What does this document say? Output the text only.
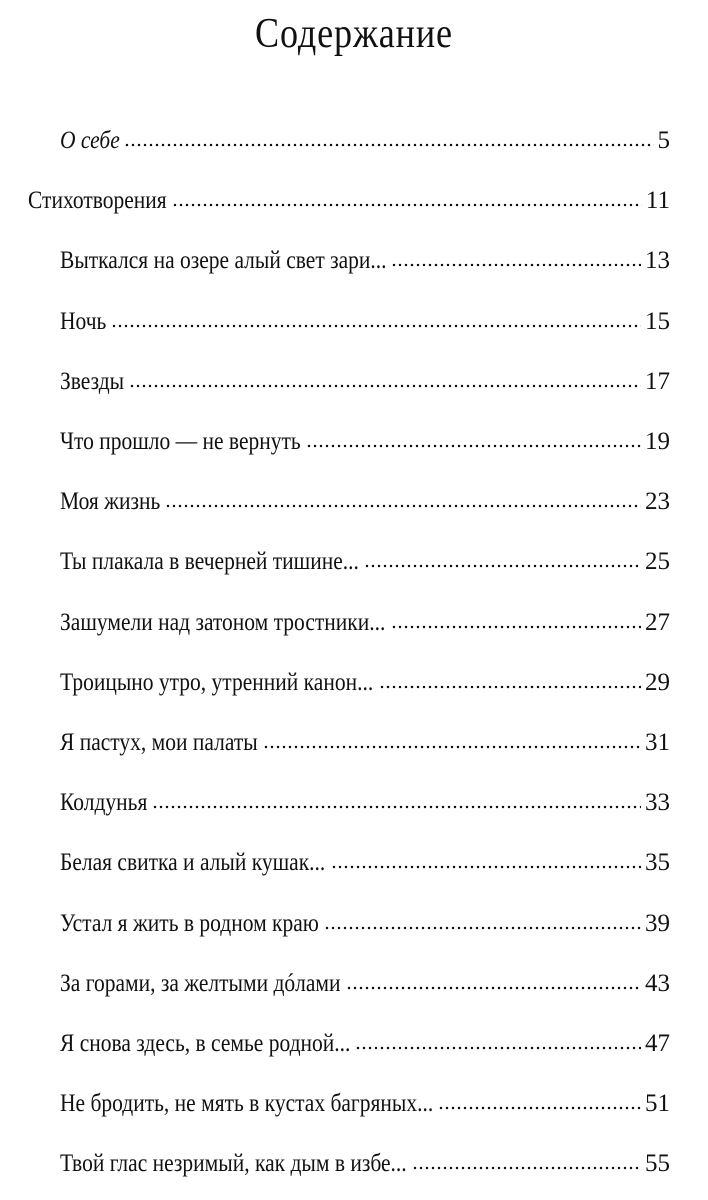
Содержание
О себе	5
Стихотворения	11
Выткался на озере алый свет зари...	13
Ночь	15
Звезды	17
Что прошло — не вернуть	19
Моя жизнь	23
Ты плакала в вечерней тишине...	25
Зашумели над затоном тростники...	27
Троицыно утро, утренний канон...	29
Я пастух, мои палаты	31
Колдунья	33
Белая свитка и алый кушак...	35
Устал я жить в родном краю	39
За горами, за желтыми дóлами	43
Я снова здесь, в семье родной...	47
Не бродить, не мять в кустах багряных...	51
Твой глас незримый, как дым в избе...	55
